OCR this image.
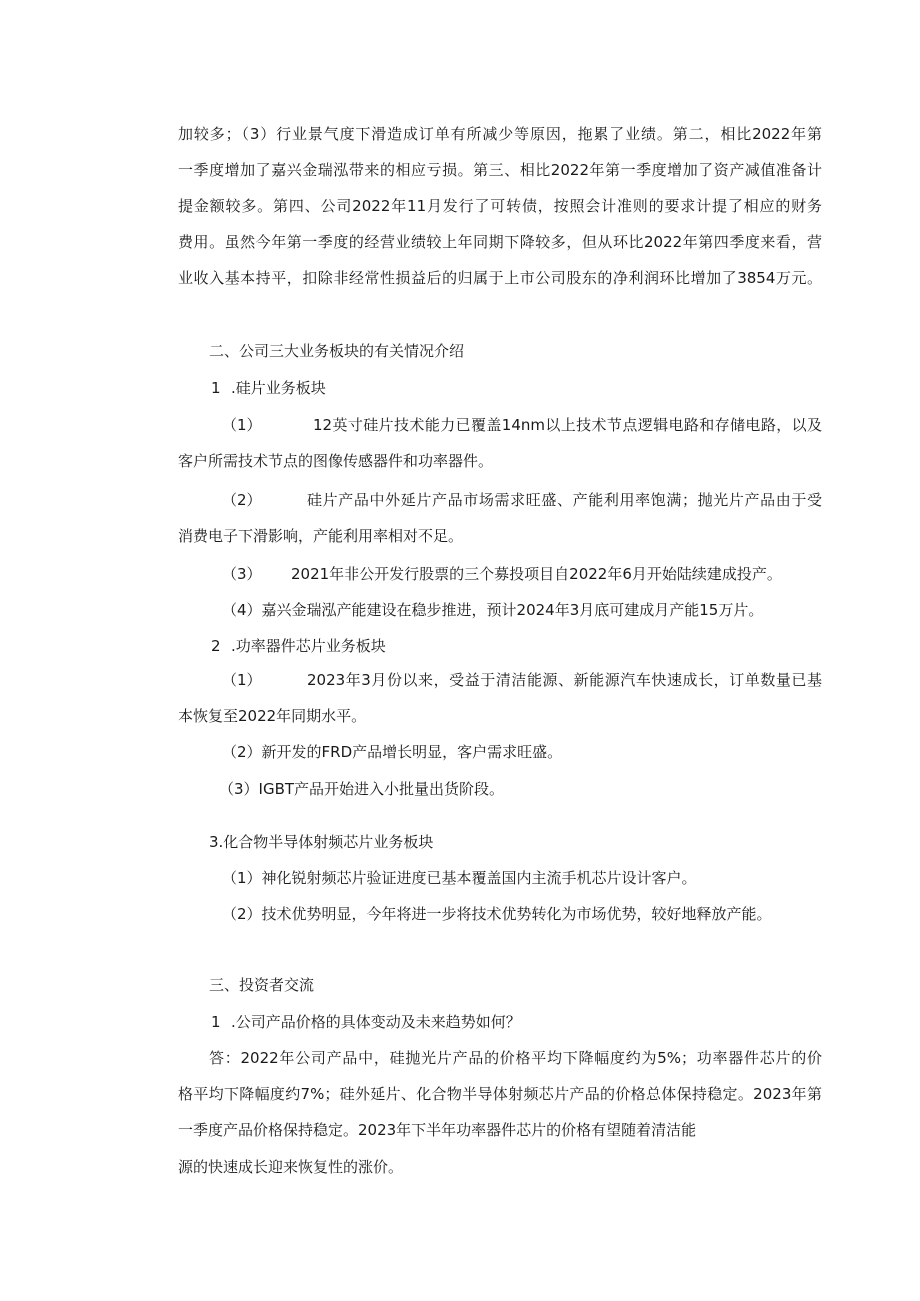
加较多；（3）行业景气度下滑造成订单有所减少等原因，拖累了业绩。第二，相比2022年第
一季度增加了嘉兴金瑞泓带来的相应亏损。第三、相比2022年第一季度增加了资产减值准备计
提金额较多。第四、公司2022年11月发行了可转债，按照会计准则的要求计提了相应的财务
费用。虽然今年第一季度的经营业绩较上年同期下降较多，但从环比2022年第四季度来看，营
业收入基本持平，扣除非经常性损益后的归属于上市公司股东的净利润环比增加了3854万元。
二、公司三大业务板块的有关情况介绍
1 .硅片业务板块
（1）	12英寸硅片技术能力已覆盖14nm以上技术节点逻辑电路和存储电路，以及
客户所需技术节点的图像传感器件和功率器件。
（2）	硅片产品中外延片产品市场需求旺盛、产能利用率饱满；抛光片产品由于受
消费电子下滑影响，产能利用率相对不足。
（3） 2021年非公开发行股票的三个募投项目自2022年6月开始陆续建成投产。
（4）嘉兴金瑞泓产能建设在稳步推进，预计2024年3月底可建成月产能15万片。
2 .功率器件芯片业务板块
（1）	2023年3月份以来，受益于清洁能源、新能源汽车快速成长，订单数量已基
本恢复至2022年同期水平。
（2）新开发的FRD产品增长明显，客户需求旺盛。
（3）IGBT产品开始进入小批量出货阶段。
3.化合物半导体射频芯片业务板块
（1）神化锐射频芯片验证进度已基本覆盖国内主流手机芯片设计客户。
（2）技术优势明显，今年将进一步将技术优势转化为市场优势，较好地释放产能。
三、投资者交流
1 .公司产品价格的具体变动及未来趋势如何？
答：2022年公司产品中，硅抛光片产品的价格平均下降幅度约为5%；功率器件芯片的价
格平均下降幅度约7%；硅外延片、化合物半导体射频芯片产品的价格总体保持稳定。2023年第
一季度产品价格保持稳定。2023年下半年功率器件芯片的价格有望随着清洁能
源的快速成长迎来恢复性的涨价。
